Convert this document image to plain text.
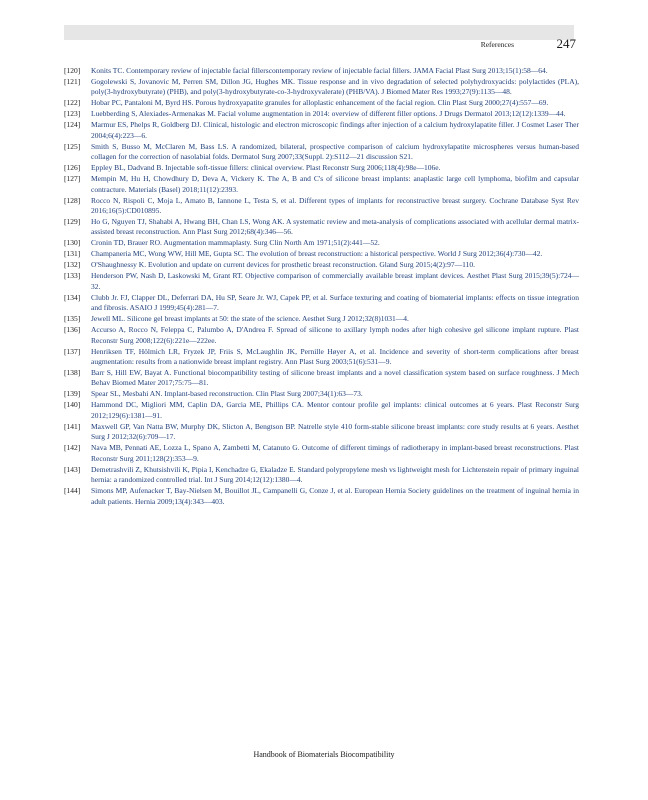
References	247
[120]	Konits TC. Contemporary review of injectable facial fillerscontemporary review of injectable facial fillers. JAMA Facial Plast Surg 2013;15(1):58—64.
[121]	Gogolewski S, Jovanovic M, Perren SM, Dillon JG, Hughes MK. Tissue response and in vivo degradation of selected polyhydroxyacids: polylactides (PLA), poly(3-hydroxybutyrate) (PHB), and poly(3-hydroxybutyrate-co-3-hydroxyvalerate) (PHB/VA). J Biomed Mater Res 1993;27(9):1135—48.
[122]	Hobar PC, Pantaloni M, Byrd HS. Porous hydroxyapatite granules for alloplastic enhancement of the facial region. Clin Plast Surg 2000;27(4):557—69.
[123]	Luebberding S, Alexiades-Armenakas M. Facial volume augmentation in 2014: overview of different filler options. J Drugs Dermatol 2013;12(12):1339—44.
[124]	Marmur ES, Phelps R, Goldberg DJ. Clinical, histologic and electron microscopic findings after injection of a calcium hydroxylapatite filler. J Cosmet Laser Ther 2004;6(4):223—6.
[125]	Smith S, Busso M, McClaren M, Bass LS. A randomized, bilateral, prospective comparison of calcium hydroxylapatite microspheres versus human-based collagen for the correction of nasolabial folds. Dermatol Surg 2007;33(Suppl. 2):S112—21 discussion S21.
[126]	Eppley BL, Dadvand B. Injectable soft-tissue fillers: clinical overview. Plast Reconstr Surg 2006;118(4):98e—106e.
[127]	Mempin M, Hu H, Chowdhury D, Deva A, Vickery K. The A, B and C's of silicone breast implants: anaplastic large cell lymphoma, biofilm and capsular contracture. Materials (Basel) 2018;11(12):2393.
[128]	Rocco N, Rispoli C, Moja L, Amato B, Iannone L, Testa S, et al. Different types of implants for reconstructive breast surgery. Cochrane Database Syst Rev 2016;16(5):CD010895.
[129]	Ho G, Nguyen TJ, Shahabi A, Hwang BH, Chan LS, Wong AK. A systematic review and meta-analysis of complications associated with acellular dermal matrix-assisted breast reconstruction. Ann Plast Surg 2012;68(4):346—56.
[130]	Cronin TD, Brauer RO. Augmentation mammaplasty. Surg Clin North Am 1971;51(2):441—52.
[131]	Champaneria MC, Wong WW, Hill ME, Gupta SC. The evolution of breast reconstruction: a historical perspective. World J Surg 2012;36(4):730—42.
[132]	O'Shaughnessy K. Evolution and update on current devices for prosthetic breast reconstruction. Gland Surg 2015;4(2):97—110.
[133]	Henderson PW, Nash D, Laskowski M, Grant RT. Objective comparison of commercially available breast implant devices. Aesthet Plast Surg 2015;39(5):724—32.
[134]	Clubb Jr. FJ, Clapper DL, Deferrari DA, Hu SP, Seare Jr. WJ, Capek PP, et al. Surface texturing and coating of biomaterial implants: effects on tissue integration and fibrosis. ASAIO J 1999;45(4):281—7.
[135]	Jewell ML. Silicone gel breast implants at 50: the state of the science. Aesthet Surg J 2012;32(8)1031—4.
[136]	Accurso A, Rocco N, Feleppa C, Palumbo A, D'Andrea F. Spread of silicone to axillary lymph nodes after high cohesive gel silicone implant rupture. Plast Reconstr Surg 2008;122(6):221e—222ee.
[137]	Henriksen TF, Hölmich LR, Fryzek JP, Friis S, McLaughlin JK, Pernille Høyer A, et al. Incidence and severity of short-term complications after breast augmentation: results from a nationwide breast implant registry. Ann Plast Surg 2003;51(6):531—9.
[138]	Barr S, Hill EW, Bayat A. Functional biocompatibility testing of silicone breast implants and a novel classification system based on surface roughness. J Mech Behav Biomed Mater 2017;75:75—81.
[139]	Spear SL, Mesbahi AN. Implant-based reconstruction. Clin Plast Surg 2007;34(1):63—73.
[140]	Hammond DC, Migliori MM, Caplin DA, Garcia ME, Phillips CA. Mentor contour profile gel implants: clinical outcomes at 6 years. Plast Reconstr Surg 2012;129(6):1381—91.
[141]	Maxwell GP, Van Natta BW, Murphy DK, Slicton A, Bengtson BP. Natrelle style 410 form-stable silicone breast implants: core study results at 6 years. Aesthet Surg J 2012;32(6):709—17.
[142]	Nava MB, Pennati AE, Lozza L, Spano A, Zambetti M, Catanuto G. Outcome of different timings of radiotherapy in implant-based breast reconstructions. Plast Reconstr Surg 2011;128(2):353—9.
[143]	Demetrashvili Z, Khutsishvili K, Pipia I, Kenchadze G, Ekaladze E. Standard polypropylene mesh vs lightweight mesh for Lichtenstein repair of primary inguinal hernia: a randomized controlled trial. Int J Surg 2014;12(12):1380—4.
[144]	Simons MP, Aufenacker T, Bay-Nielsen M, Bouillot JL, Campanelli G, Conze J, et al. European Hernia Society guidelines on the treatment of inguinal hernia in adult patients. Hernia 2009;13(4):343—403.
Handbook of Biomaterials Biocompatibility
